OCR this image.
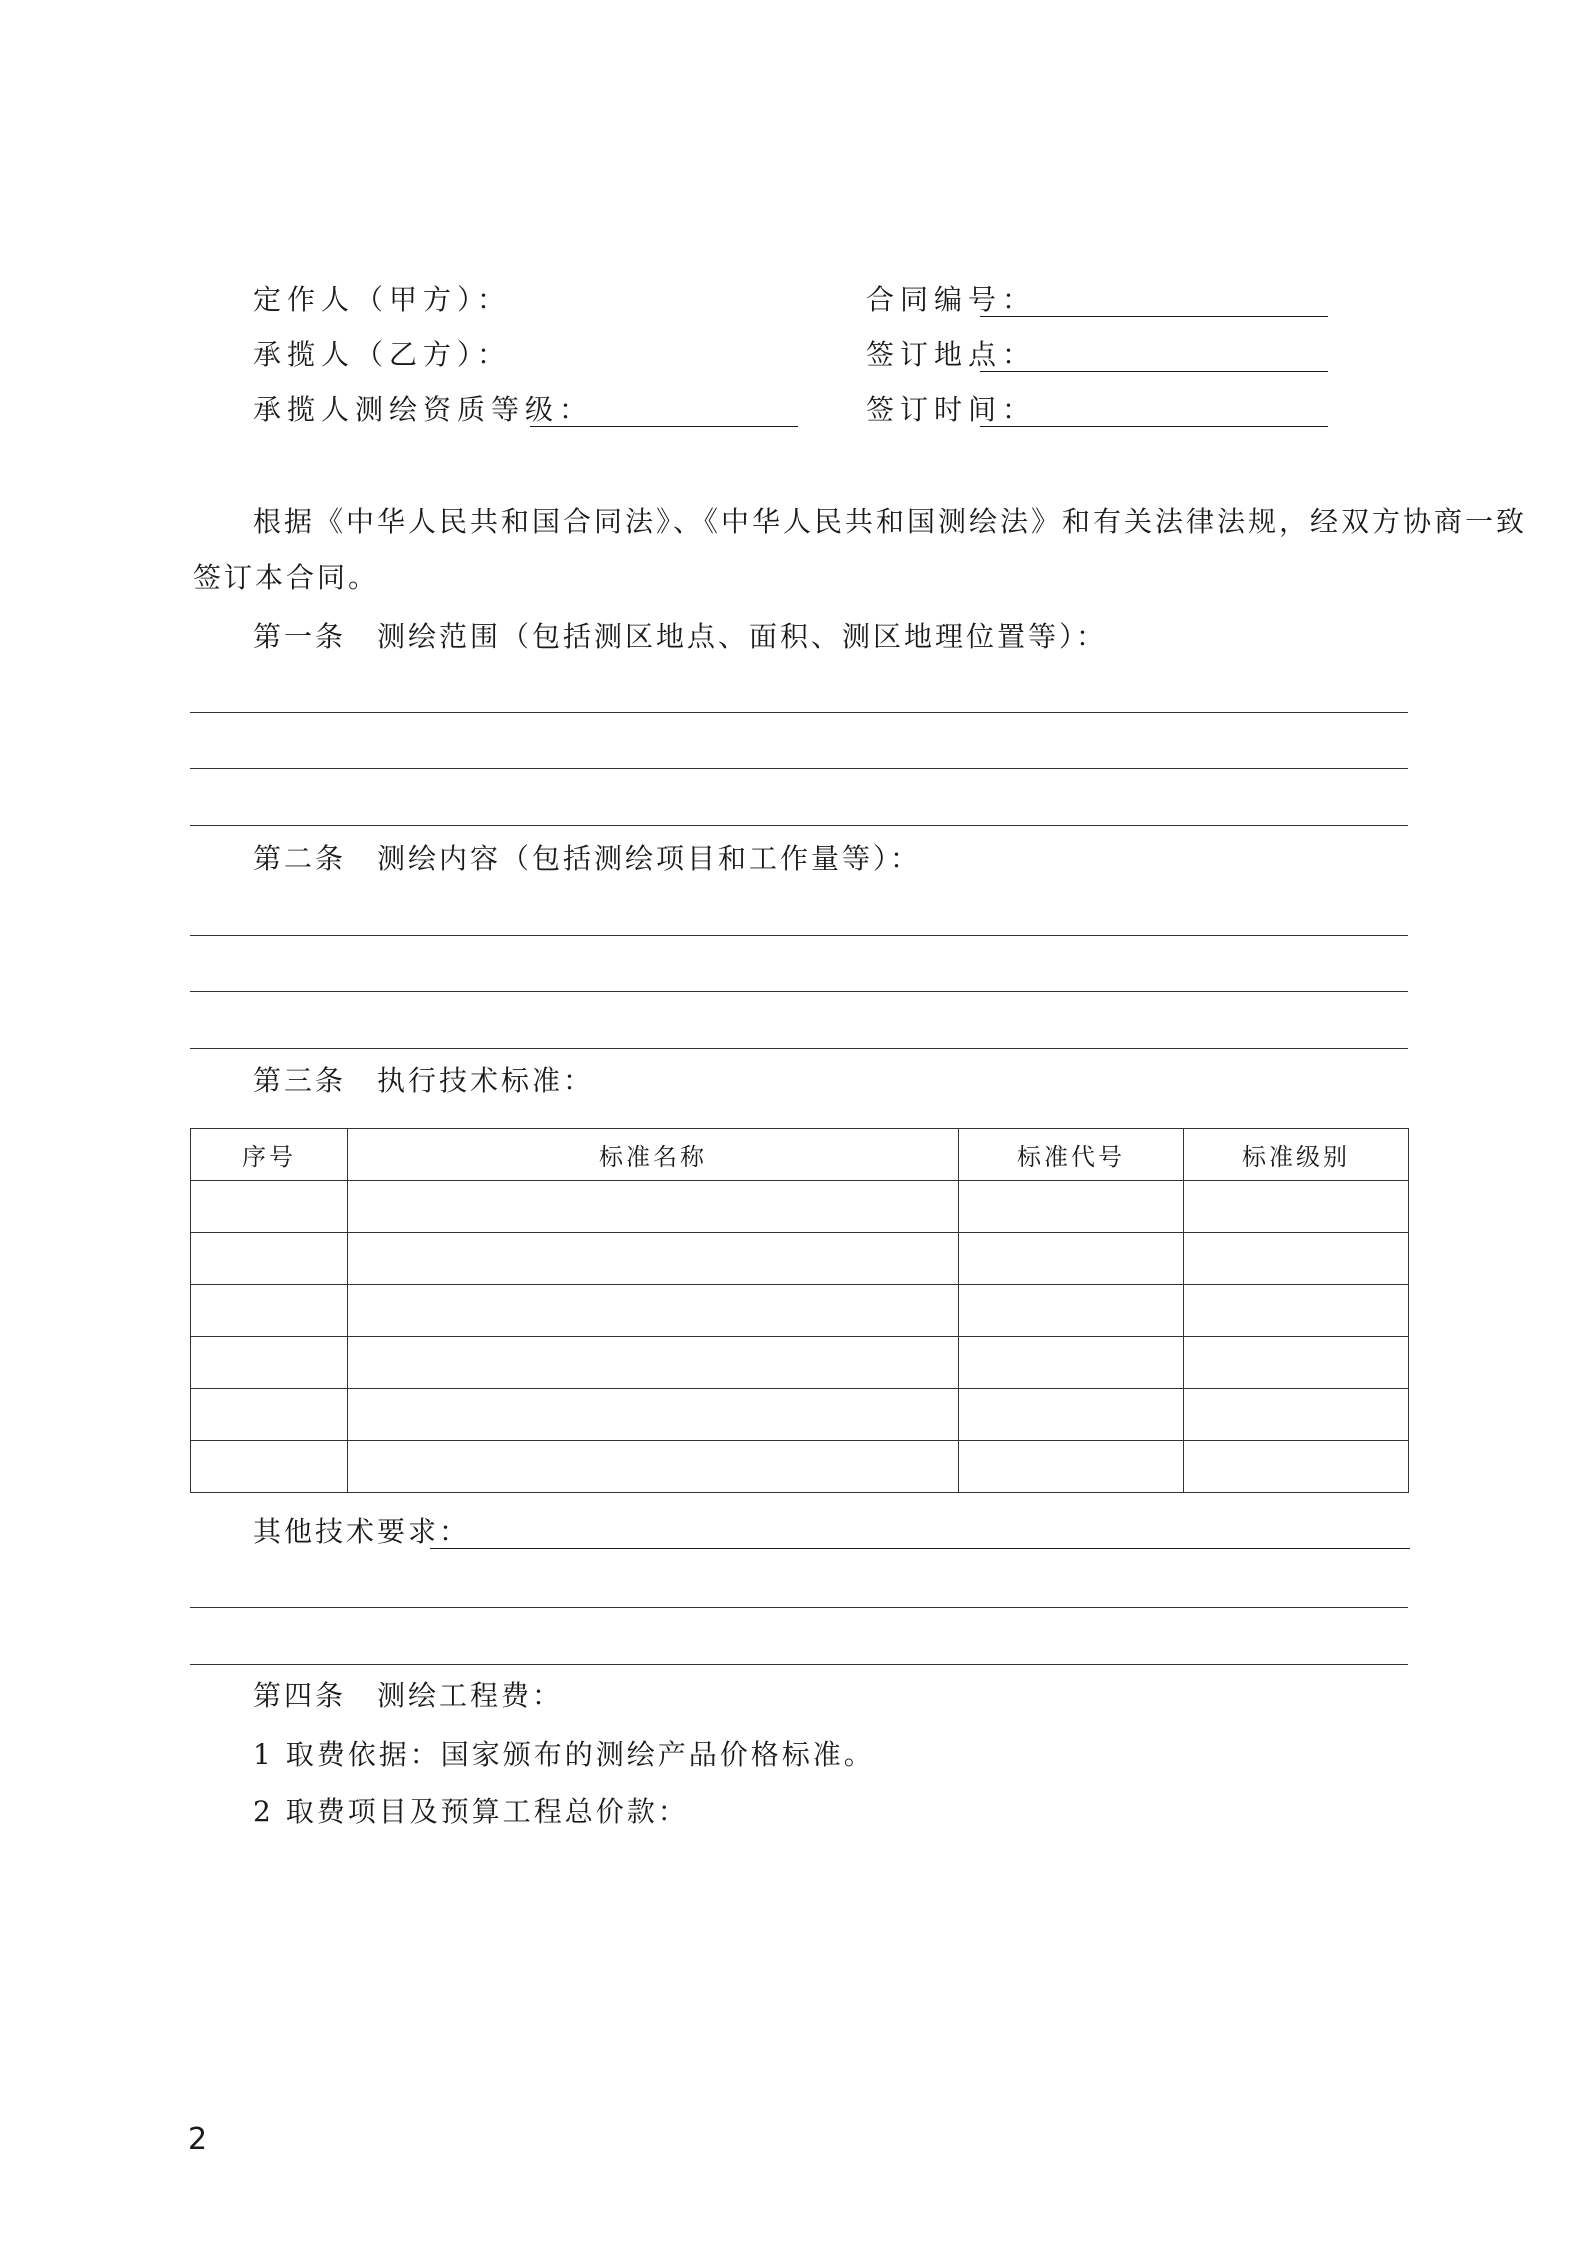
定作人（甲方）：
承揽人（乙方）：
承揽人测绘资质等级：
合同编号：
签订地点：
签订时间：
根据《中华人民共和国合同法》、《中华人民共和国测绘法》和有关法律法规，经双方协商一致
签订本合同。
第一条　测绘范围（包括测区地点、面积、测区地理位置等）：
第二条　测绘内容（包括测绘项目和工作量等）：
第三条　执行技术标准：
序号	标准名称	标准代号	标准级别

其他技术要求：
第四条　测绘工程费：
1 取费依据：国家颁布的测绘产品价格标准。
2 取费项目及预算工程总价款：
2
